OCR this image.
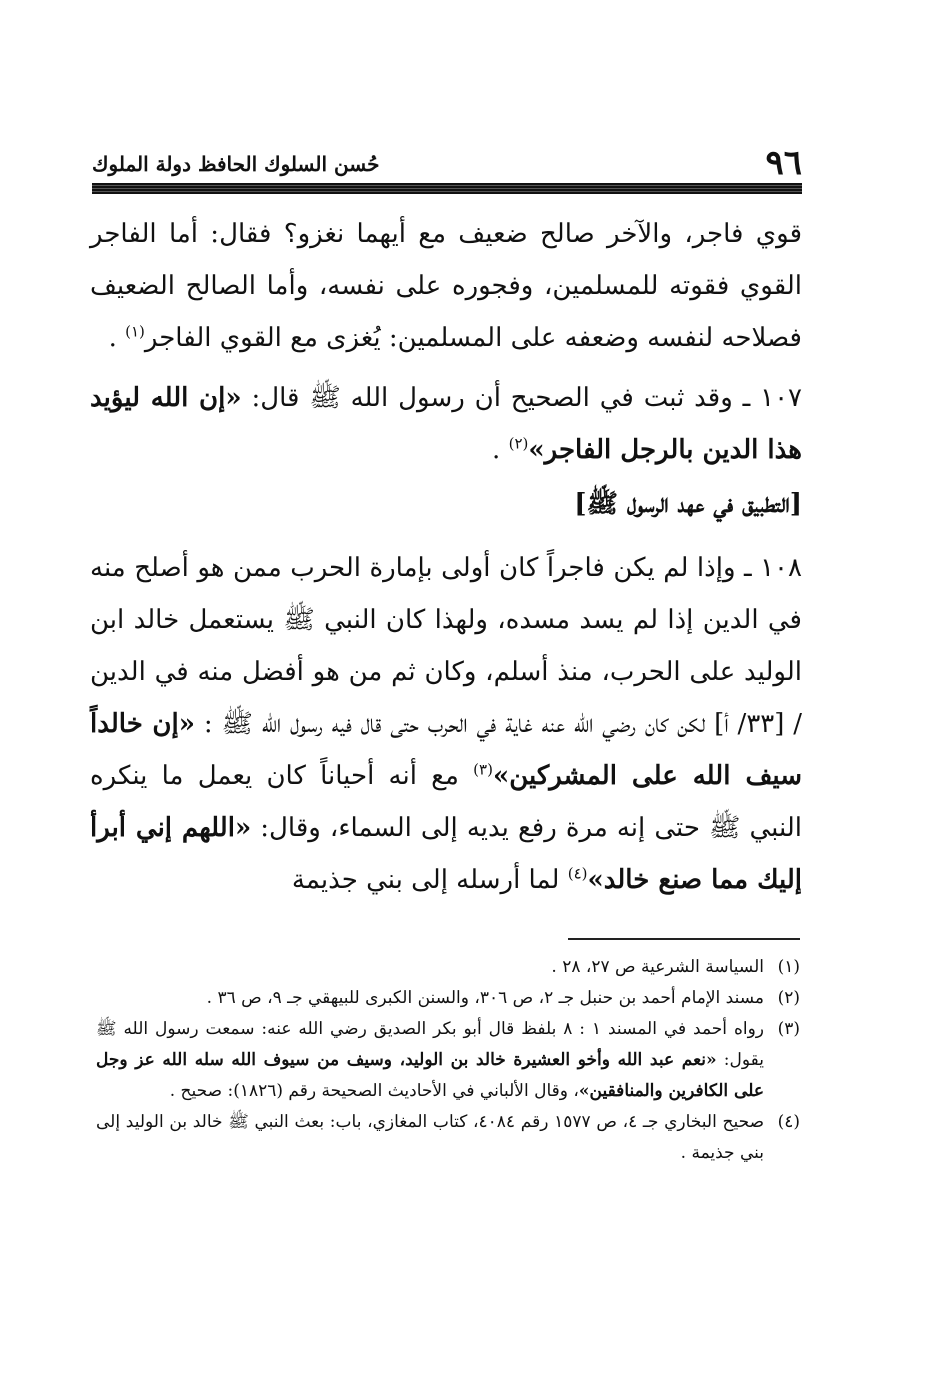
٩٦
حُسن السلوك الحافظ دولة الملوك

قوي فاجر، والآخر صالح ضعيف مع أيهما نغزو؟ فقال: أما الفاجر القوي فقوته للمسلمين، وفجوره على نفسه، وأما الصالح الضعيف فصلاحه لنفسه وضعفه على المسلمين: يُغزى مع القوي الفاجر$^{(١)}$ .

١٠٧ ـ وقد ثبت في الصحيح أن رسول الله ﷺ قال: «إن الله ليؤيد هذا الدين بالرجل الفاجر»$^{(٢)}$ .

[التطبيق في عهد الرسول ﷺ]

١٠٨ ـ وإذا لم يكن فاجراً كان أولى بإمارة الحرب ممن هو أصلح منه في الدين إذا لم يسد مسده، ولهذا كان النبي ﷺ يستعمل خالد ابن الوليد على الحرب، منذ أسلم، وكان ثم من هو أفضل منه في الدين / [٣٣/ أ] لكن كان رضي الله عنه غاية في الحرب حتى قال فيه رسول الله ﷺ : «إن خالداً سيف الله على المشركين»$^{(٣)}$ مع أنه أحياناً كان يعمل ما ينكره النبي ﷺ حتى إنه مرة رفع يديه إلى السماء، وقال: «اللهم إني أبرأ إليك مما صنع خالد»$^{(٤)}$ لما أرسله إلى بني جذيمة

(١)
السياسة الشرعية ص ٢٧، ٢٨ .
(٢)
مسند الإمام أحمد بن حنبل جـ ٢، ص ٣٠٦، والسنن الكبرى للبيهقي جـ ٩، ص ٣٦ .
(٣)
رواه أحمد في المسند ١ : ٨ بلفظ قال أبو بكر الصديق رضي الله عنه: سمعت رسول الله ﷺ يقول: «نعم عبد الله وأخو العشيرة خالد بن الوليد، وسيف من سيوف الله سله الله عز وجل على الكافرين والمنافقين»، وقال الألباني في الأحاديث الصحيحة رقم (١٨٢٦): صحيح .
(٤)
صحيح البخاري جـ ٤، ص ١٥٧٧ رقم ٤٠٨٤، كتاب المغازي، باب: بعث النبي ﷺ خالد بن الوليد إلى بني جذيمة .
